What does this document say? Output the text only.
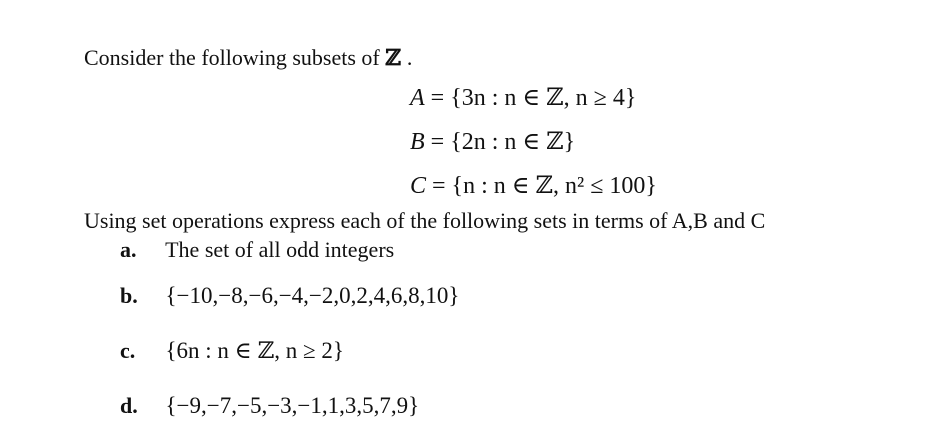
Consider the following subsets of ℤ .
A = {3n : n ∈ ℤ, n ≥ 4}
B = {2n : n ∈ ℤ}
C = {n : n ∈ ℤ, n² ≤ 100}
Using set operations express each of the following sets in terms of A,B and C
a. The set of all odd integers
b. {−10,−8,−6,−4,−2,0,2,4,6,8,10}
c. {6n : n ∈ ℤ, n ≥ 2}
d. {−9,−7,−5,−3,−1,1,3,5,7,9}
